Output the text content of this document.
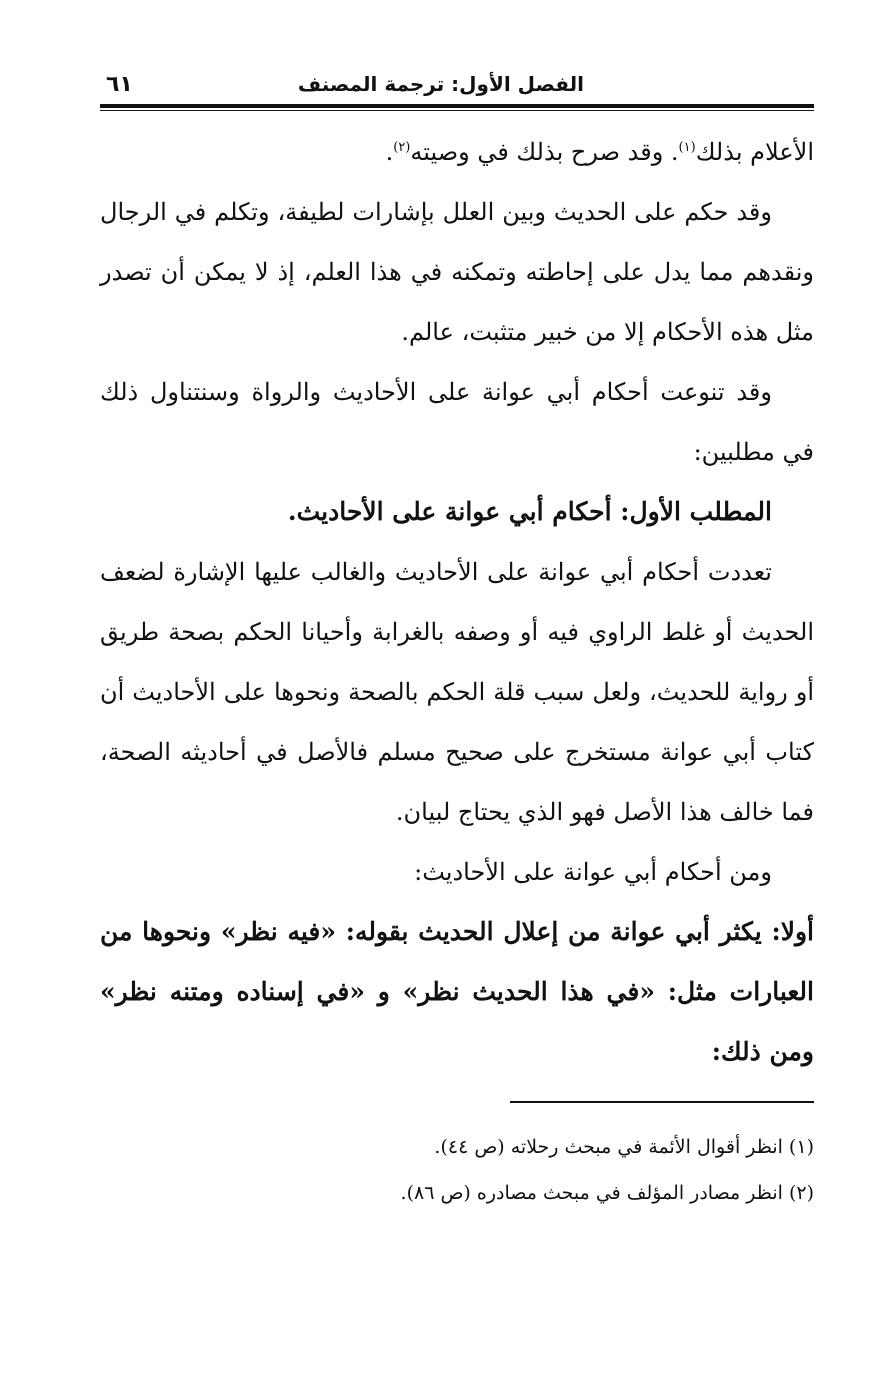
الفصل الأول: ترجمة المصنف
٦١

الأعلام بذلك$^{(١)}$. وقد صرح بذلك في وصيته$^{(٢)}$.

وقد حكم على الحديث وبين العلل بإشارات لطيفة، وتكلم في الرجال ونقدهم مما يدل على إحاطته وتمكنه في هذا العلم، إذ لا يمكن أن تصدر مثل هذه الأحكام إلا من خبير متثبت، عالم.

وقد تنوعت أحكام أبي عوانة على الأحاديث والرواة وسنتناول ذلك في مطلبين:

المطلب الأول: أحكام أبي عوانة على الأحاديث.

تعددت أحكام أبي عوانة على الأحاديث والغالب عليها الإشارة لضعف الحديث أو غلط الراوي فيه أو وصفه بالغرابة وأحيانا الحكم بصحة طريق أو رواية للحديث، ولعل سبب قلة الحكم بالصحة ونحوها على الأحاديث أن كتاب أبي عوانة مستخرج على صحيح مسلم فالأصل في أحاديثه الصحة، فما خالف هذا الأصل فهو الذي يحتاج لبيان.

ومن أحكام أبي عوانة على الأحاديث:

أولا: يكثر أبي عوانة من إعلال الحديث بقوله: «فيه نظر» ونحوها من العبارات مثل: «في هذا الحديث نظر» و «في إسناده ومتنه نظر» ومن ذلك:

(١) انظر أقوال الأئمة في مبحث رحلاته (ص ٤٤).

(٢) انظر مصادر المؤلف في مبحث مصادره (ص ٨٦).
